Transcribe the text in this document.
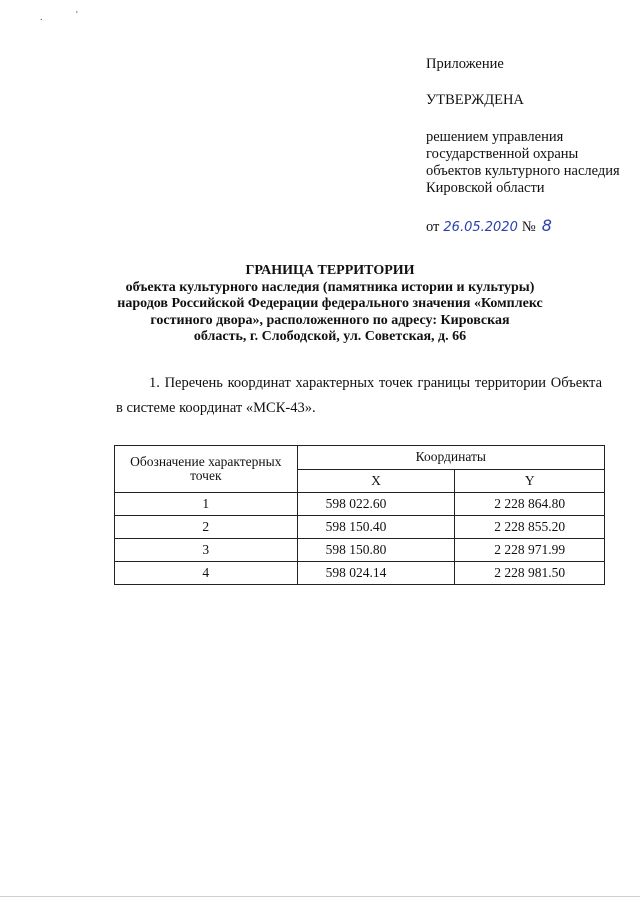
.	'
Приложение
УТВЕРЖДЕНА
решением управления государственной охраны объектов культурного наследия Кировской области
от 26.05.2020 № 8

ГРАНИЦА ТЕРРИТОРИИ

объекта культурного наследия (памятника истории и культуры)
народов Российской Федерации федерального значения «Комплекс
гостиного двора», расположенного по адресу: Кировская
область, г. Слободской, ул. Советская, д. 66

1. Перечень координат характерных точек границы территории Объекта в системе координат «МСК-43».
Обозначение характерных точек	Координаты	
	X	Y
1	598 022.60	2 228 864.80
2	598 150.40	2 228 855.20
3	598 150.80	2 228 971.99
4	598 024.14	2 228 981.50
